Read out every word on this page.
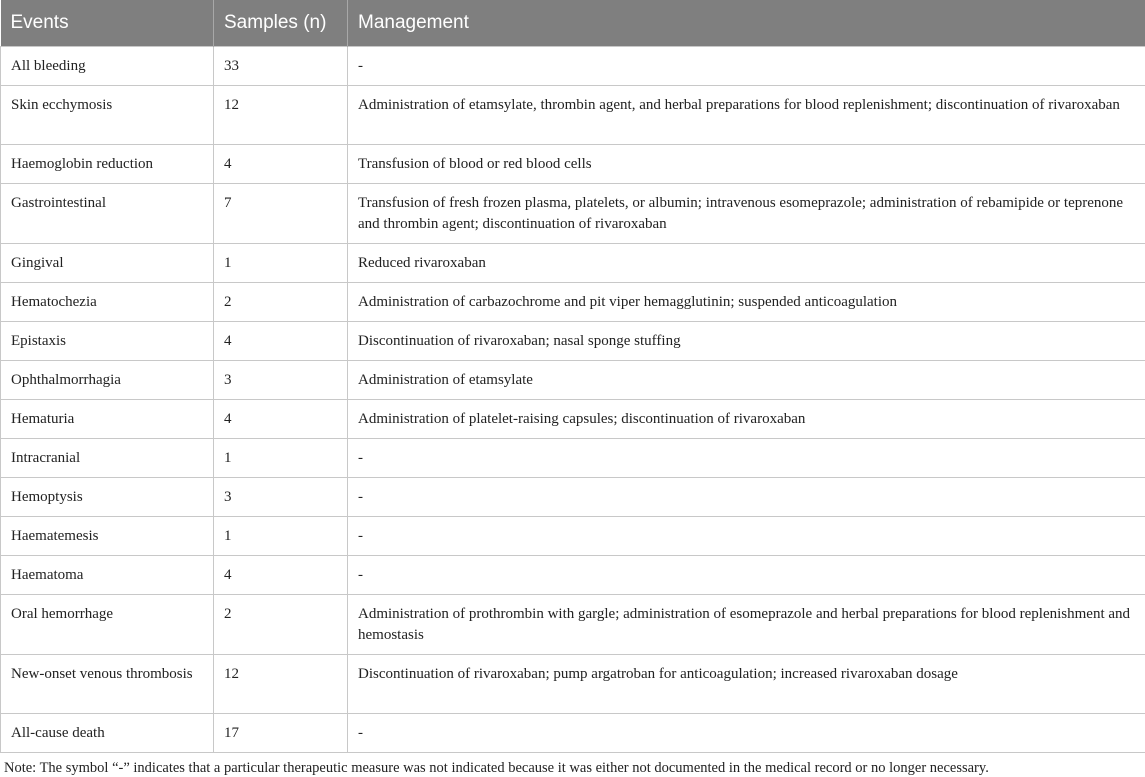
Events	Samples (n)	Management
All bleeding	33	-
Skin ecchymosis	12	Administration of etamsylate, thrombin agent, and herbal preparations for blood replenishment; discontinuation of rivaroxaban
Haemoglobin reduction	4	Transfusion of blood or red blood cells
Gastrointestinal	7	Transfusion of fresh frozen plasma, platelets, or albumin; intravenous esomeprazole; administration of rebamipide or teprenone and thrombin agent; discontinuation of rivaroxaban
Gingival	1	Reduced rivaroxaban
Hematochezia	2	Administration of carbazochrome and pit viper hemagglutinin; suspended anticoagulation
Epistaxis	4	Discontinuation of rivaroxaban; nasal sponge stuffing
Ophthalmorrhagia	3	Administration of etamsylate
Hematuria	4	Administration of platelet-raising capsules; discontinuation of rivaroxaban
Intracranial	1	-
Hemoptysis	3	-
Haematemesis	1	-
Haematoma	4	-
Oral hemorrhage	2	Administration of prothrombin with gargle; administration of esomeprazole and herbal preparations for blood replenishment and hemostasis
New-onset venous thrombosis	12	Discontinuation of rivaroxaban; pump argatroban for anticoagulation; increased rivaroxaban dosage
All-cause death	17	-
Note: The symbol “-” indicates that a particular therapeutic measure was not indicated because it was either not documented in the medical record or no longer necessary.
